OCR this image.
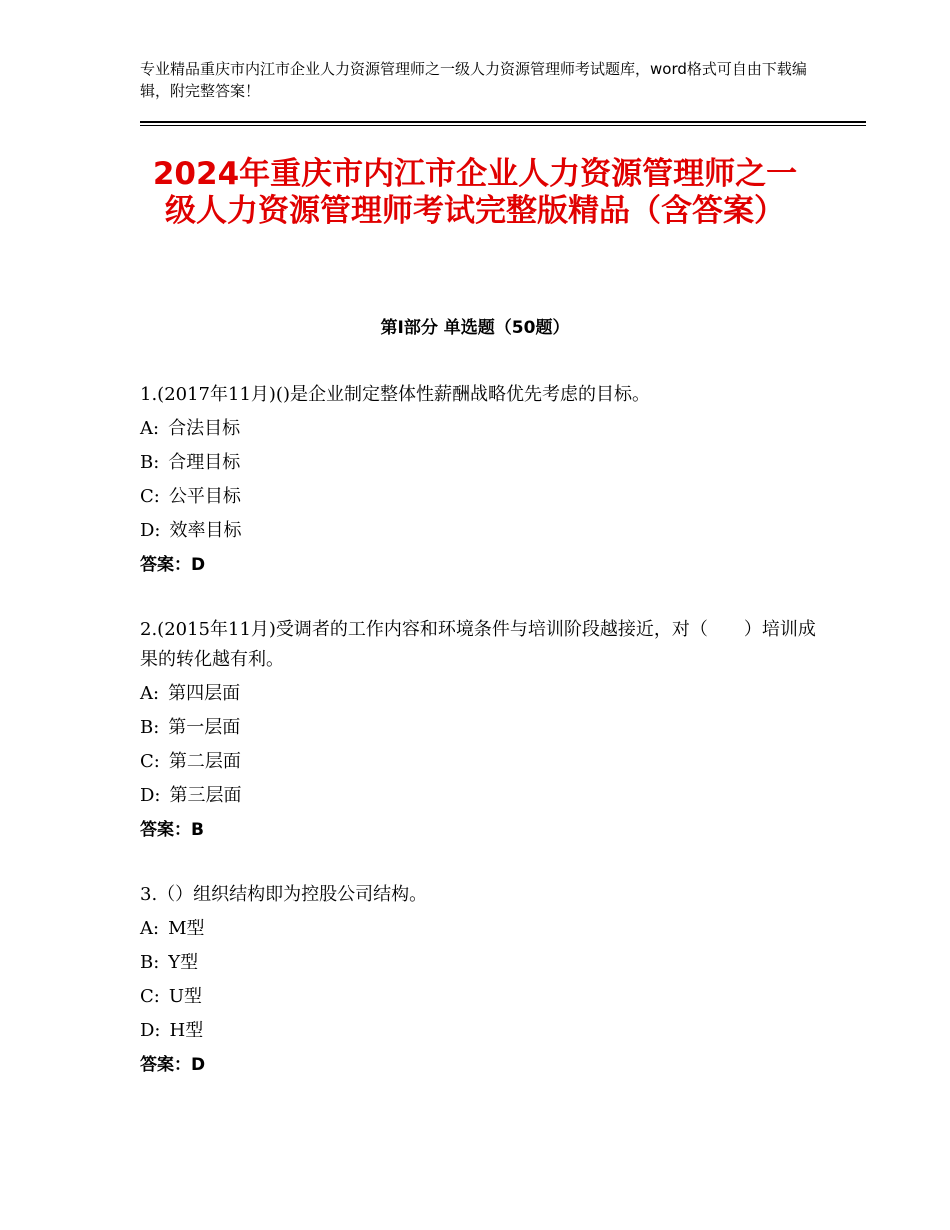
专业精品重庆市内江市企业人力资源管理师之一级人力资源管理师考试题库，word格式可自由下载编辑，附完整答案！
2024年重庆市内江市企业人力资源管理师之一级人力资源管理师考试完整版精品（含答案）
第Ⅰ部分 单选题（50题）
1.(2017年11月)()是企业制定整体性薪酬战略优先考虑的目标。
A:
  合法目标
B:
  合理目标
C:
  公平目标
D:
  效率目标
答案：D
2.(2015年11月)受调者的工作内容和环境条件与培训阶段越接近，对（　　）培训成果的转化越有利。
A:
  第四层面
B:
  第一层面
C:
  第二层面
D:
  第三层面
答案：B
3.（）组织结构即为控股公司结构。
A:
  M型
B:
  Y型
C:
  U型
D:
  H型
答案：D
